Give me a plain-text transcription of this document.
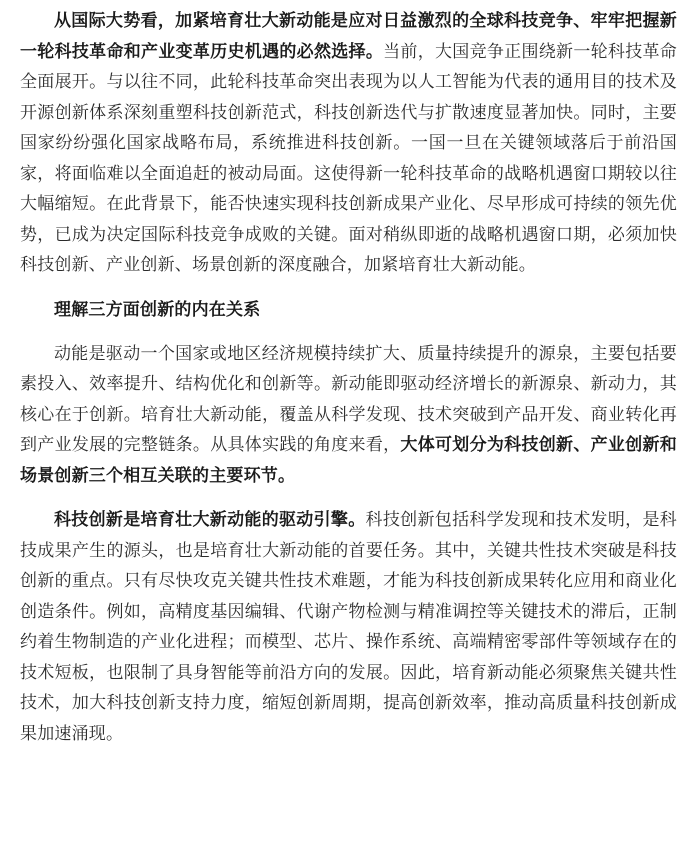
从国际大势看，加紧培育壮大新动能是应对日益激烈的全球科技竞争、牢牢把握新一轮科技革命和产业变革历史机遇的必然选择。当前，大国竞争正围绕新一轮科技革命全面展开。与以往不同，此轮科技革命突出表现为以人工智能为代表的通用目的技术及开源创新体系深刻重塑科技创新范式，科技创新迭代与扩散速度显著加快。同时，主要国家纷纷强化国家战略布局，系统推进科技创新。一国一旦在关键领域落后于前沿国家，将面临难以全面追赶的被动局面。这使得新一轮科技革命的战略机遇窗口期较以往大幅缩短。在此背景下，能否快速实现科技创新成果产业化、尽早形成可持续的领先优势，已成为决定国际科技竞争成败的关键。面对稍纵即逝的战略机遇窗口期，必须加快科技创新、产业创新、场景创新的深度融合，加紧培育壮大新动能。

理解三方面创新的内在关系

动能是驱动一个国家或地区经济规模持续扩大、质量持续提升的源泉，主要包括要素投入、效率提升、结构优化和创新等。新动能即驱动经济增长的新源泉、新动力，其核心在于创新。培育壮大新动能，覆盖从科学发现、技术突破到产品开发、商业转化再到产业发展的完整链条。从具体实践的角度来看，大体可划分为科技创新、产业创新和场景创新三个相互关联的主要环节。

科技创新是培育壮大新动能的驱动引擎。科技创新包括科学发现和技术发明，是科技成果产生的源头，也是培育壮大新动能的首要任务。其中，关键共性技术突破是科技创新的重点。只有尽快攻克关键共性技术难题，才能为科技创新成果转化应用和商业化创造条件。例如，高精度基因编辑、代谢产物检测与精准调控等关键技术的滞后，正制约着生物制造的产业化进程；而模型、芯片、操作系统、高端精密零部件等领域存在的技术短板，也限制了具身智能等前沿方向的发展。因此，培育新动能必须聚焦关键共性技术，加大科技创新支持力度，缩短创新周期，提高创新效率，推动高质量科技创新成果加速涌现。
